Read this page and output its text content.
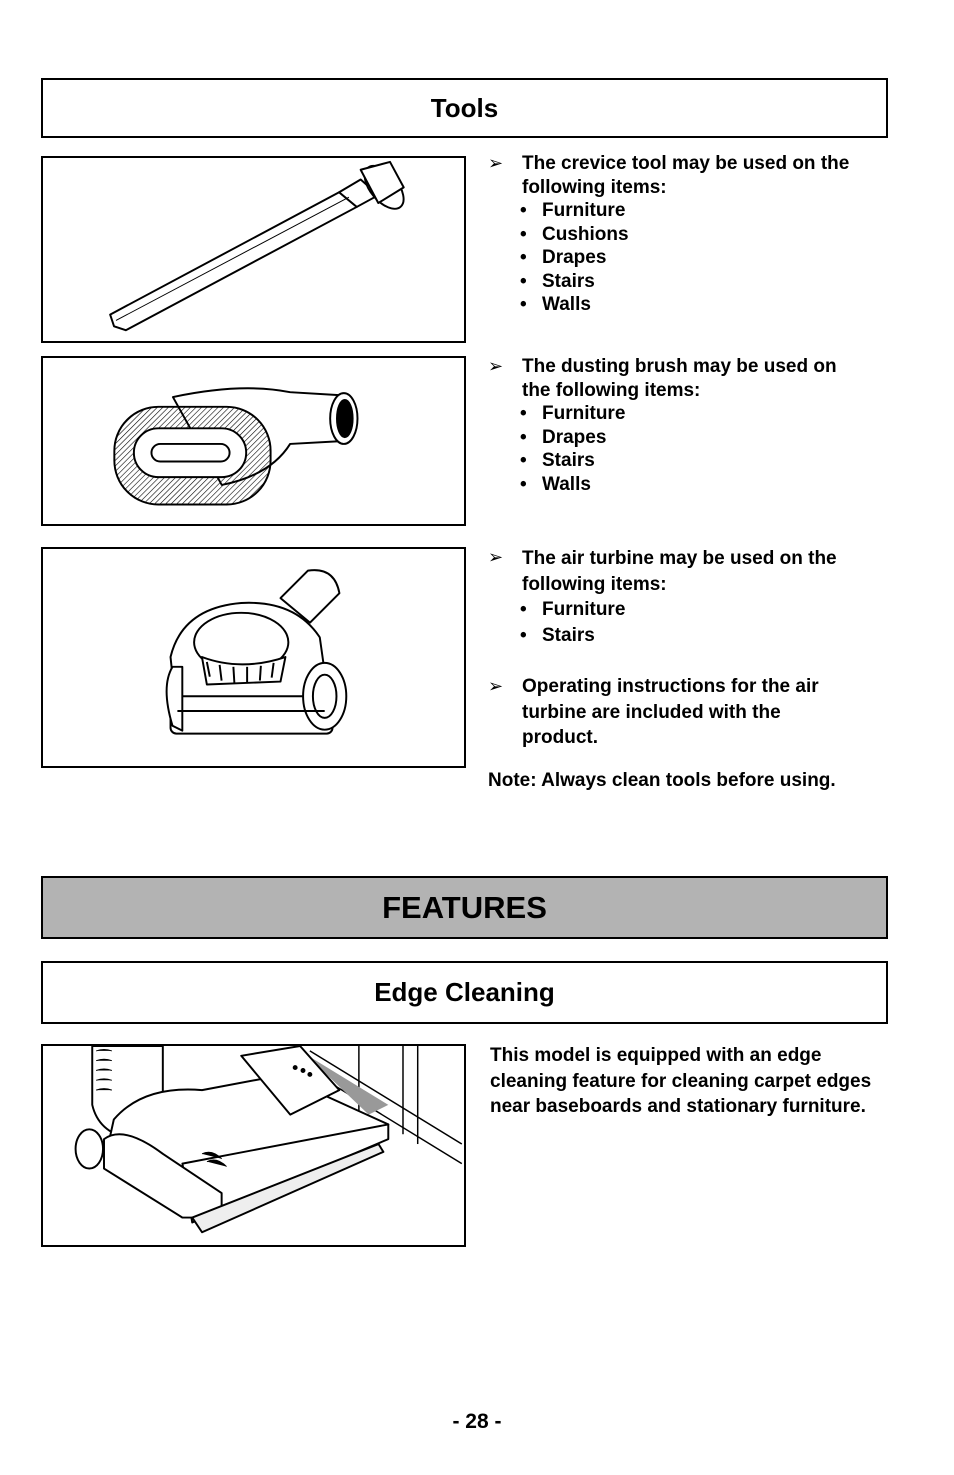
Tools
➢ The crevice tool may be used on the
following items:
• Furniture
• Cushions
• Drapes
• Stairs
• Walls
➢ The dusting brush may be used on
the following items:
• Furniture
• Drapes
• Stairs
• Walls
➢ The air turbine may be used on the
following items:
• Furniture
• Stairs
➢ Operating instructions for the air
turbine are included with the
product.
Note: Always clean tools before using.
FEATURES
Edge Cleaning
This model is equipped with an edge cleaning feature for cleaning carpet edges near baseboards and stationary furniture.
- 28 -
